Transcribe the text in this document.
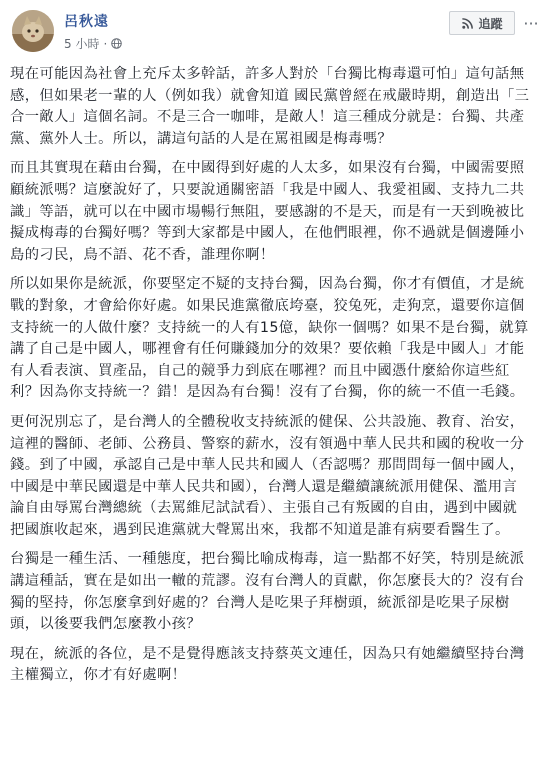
呂秋遠
5 小時 ·
追蹤 ···

現在可能因為社會上充斥太多幹話，許多人對於「台獨比梅毒還可怕」這句話無感，但如果老一輩的人（例如我）就會知道 國民黨曾經在戒嚴時期，創造出「三合一敵人」這個名詞。不是三合一咖啡，是敵人！這三種成分就是：台獨、共產黨、黨外人士。所以，講這句話的人是在罵祖國是梅毒嗎？

而且其實現在藉由台獨，在中國得到好處的人太多，如果沒有台獨，中國需要照顧統派嗎？這麼說好了，只要說通關密語「我是中國人、我愛祖國、支持九二共識」等語，就可以在中國市場暢行無阻，要感謝的不是天，而是有一天到晚被比擬成梅毒的台獨好嗎？等到大家都是中國人，在他們眼裡，你不過就是個邊陲小島的刁民，鳥不語、花不香，誰理你啊！

所以如果你是統派，你要堅定不疑的支持台獨，因為台獨，你才有價值，才是統戰的對象，才會給你好處。如果民進黨徹底垮臺，狡兔死，走狗烹，還要你這個支持統一的人做什麼？支持統一的人有15億，缺你一個嗎？如果不是台獨，就算講了自己是中國人，哪裡會有任何賺錢加分的效果？要依賴「我是中國人」才能有人看表演、買產品，自己的競爭力到底在哪裡？而且中國憑什麼給你這些紅利？因為你支持統一？錯！是因為有台獨！沒有了台獨，你的統一不值一毛錢。

更何況別忘了，是台灣人的全體稅收支持統派的健保、公共設施、教育、治安，這裡的醫師、老師、公務員、警察的薪水，沒有領過中華人民共和國的稅收一分錢。到了中國，承認自己是中華人民共和國人（否認嗎？那問問每一個中國人，中國是中華民國還是中華人民共和國），台灣人還是繼續讓統派用健保、濫用言論自由辱罵台灣總統（去罵維尼試試看）、主張自己有叛國的自由，遇到中國就把國旗收起來，遇到民進黨就大聲罵出來，我都不知道是誰有病要看醫生了。

台獨是一種生活、一種態度，把台獨比喻成梅毒，這一點都不好笑，特別是統派講這種話，實在是如出一轍的荒謬。沒有台灣人的貢獻，你怎麼長大的？沒有台獨的堅持，你怎麼拿到好處的？台灣人是吃果子拜樹頭，統派卻是吃果子尿樹頭，以後要我們怎麼教小孩？

現在，統派的各位，是不是覺得應該支持蔡英文連任，因為只有她繼續堅持台灣主權獨立，你才有好處啊！
